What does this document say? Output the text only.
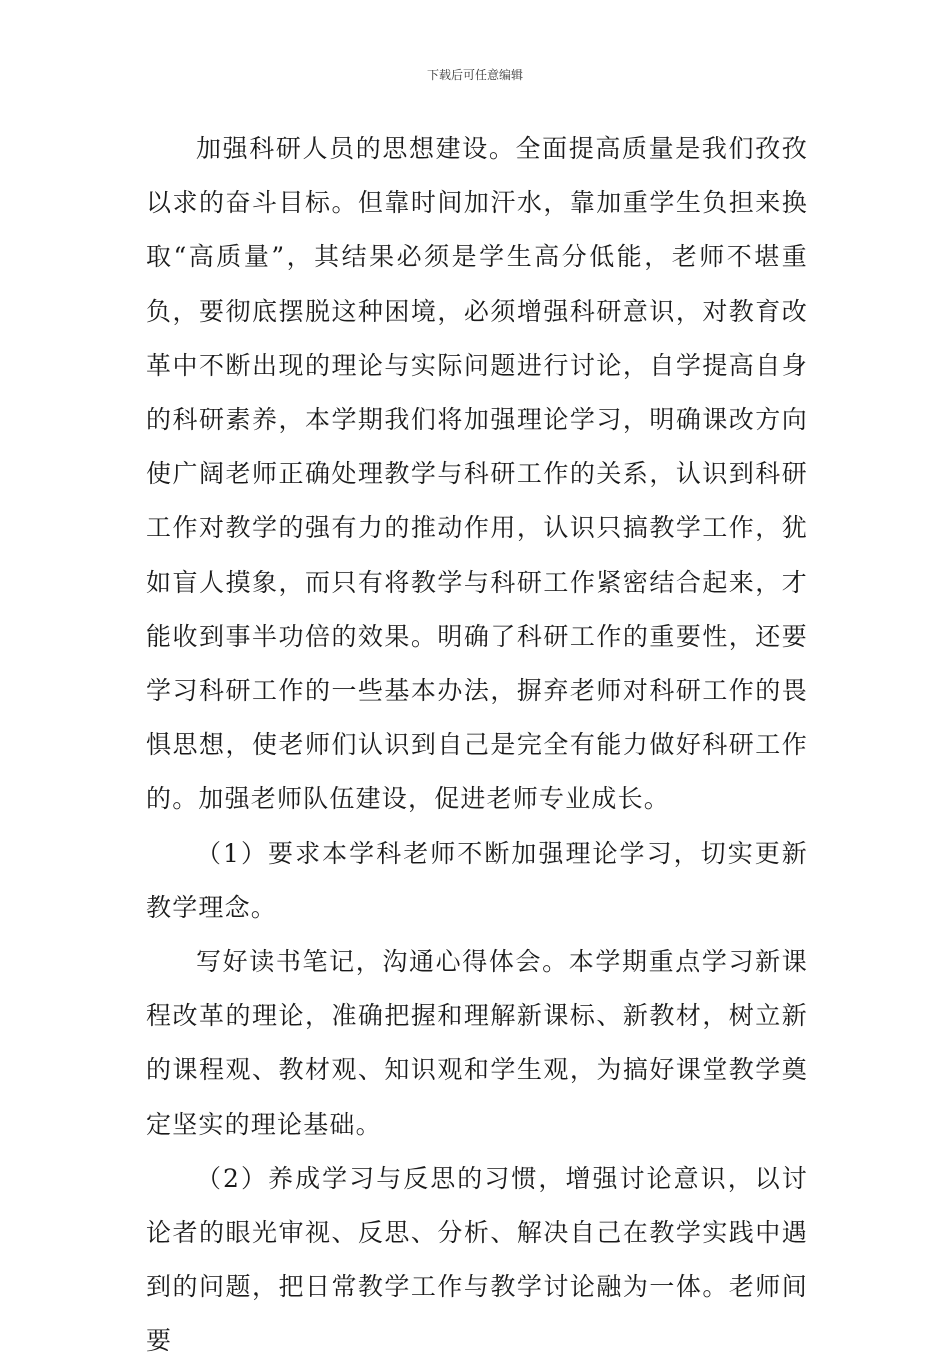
下载后可任意编辑

加强科研人员的思想建设。全面提高质量是我们孜孜以求的奋斗目标。但靠时间加汗水，靠加重学生负担来换取“高质量”，其结果必须是学生高分低能，老师不堪重负，要彻底摆脱这种困境，必须增强科研意识，对教育改革中不断出现的理论与实际问题进行讨论，自学提高自身的科研素养，本学期我们将加强理论学习，明确课改方向使广阔老师正确处理教学与科研工作的关系，认识到科研工作对教学的强有力的推动作用，认识只搞教学工作，犹如盲人摸象，而只有将教学与科研工作紧密结合起来，才能收到事半功倍的效果。明确了科研工作的重要性，还要学习科研工作的一些基本办法，摒弃老师对科研工作的畏惧思想，使老师们认识到自己是完全有能力做好科研工作的。加强老师队伍建设，促进老师专业成长。

（1）要求本学科老师不断加强理论学习，切实更新教学理念。

写好读书笔记，沟通心得体会。本学期重点学习新课程改革的理论，准确把握和理解新课标、新教材，树立新的课程观、教材观、知识观和学生观，为搞好课堂教学奠定坚实的理论基础。

（2）养成学习与反思的习惯，增强讨论意识，以讨论者的眼光审视、反思、分析、解决自己在教学实践中遇到的问题，把日常教学工作与教学讨论融为一体。老师间要
